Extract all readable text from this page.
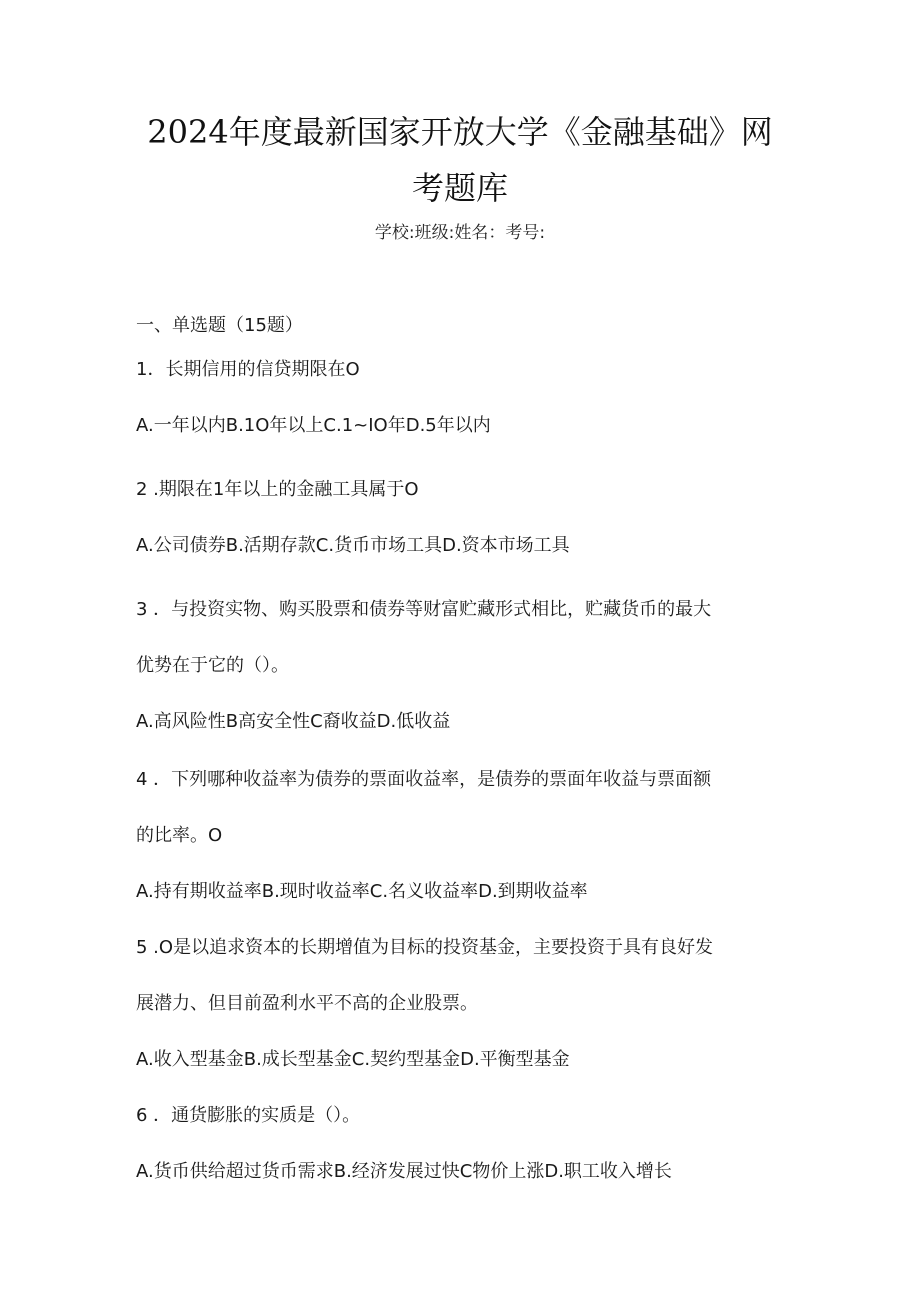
2024年度最新国家开放大学《金融基础》网
考题库
学校:班级:姓名：考号:
一、单选题（15题）
1．长期信用的信贷期限在O
A.一年以内B.1O年以上C.1~IO年D.5年以内
2 .期限在1年以上的金融工具属于O
A.公司债券B.活期存款C.货币市场工具D.资本市场工具
3 ．与投资实物、购买股票和债券等财富贮藏形式相比，贮藏货币的最大
优势在于它的（）。
A.高风险性B高安全性C裔收益D.低收益
4 ．下列哪种收益率为债券的票面收益率，是债券的票面年收益与票面额
的比率。O
A.持有期收益率B.现时收益率C.名义收益率D.到期收益率
5 .O是以追求资本的长期增值为目标的投资基金，主要投资于具有良好发
展潜力、但目前盈利水平不高的企业股票。
A.收入型基金B.成长型基金C.契约型基金D.平衡型基金
6 ．通货膨胀的实质是（）。
A.货币供给超过货币需求B.经济发展过快C物价上涨D.职工收入增长
